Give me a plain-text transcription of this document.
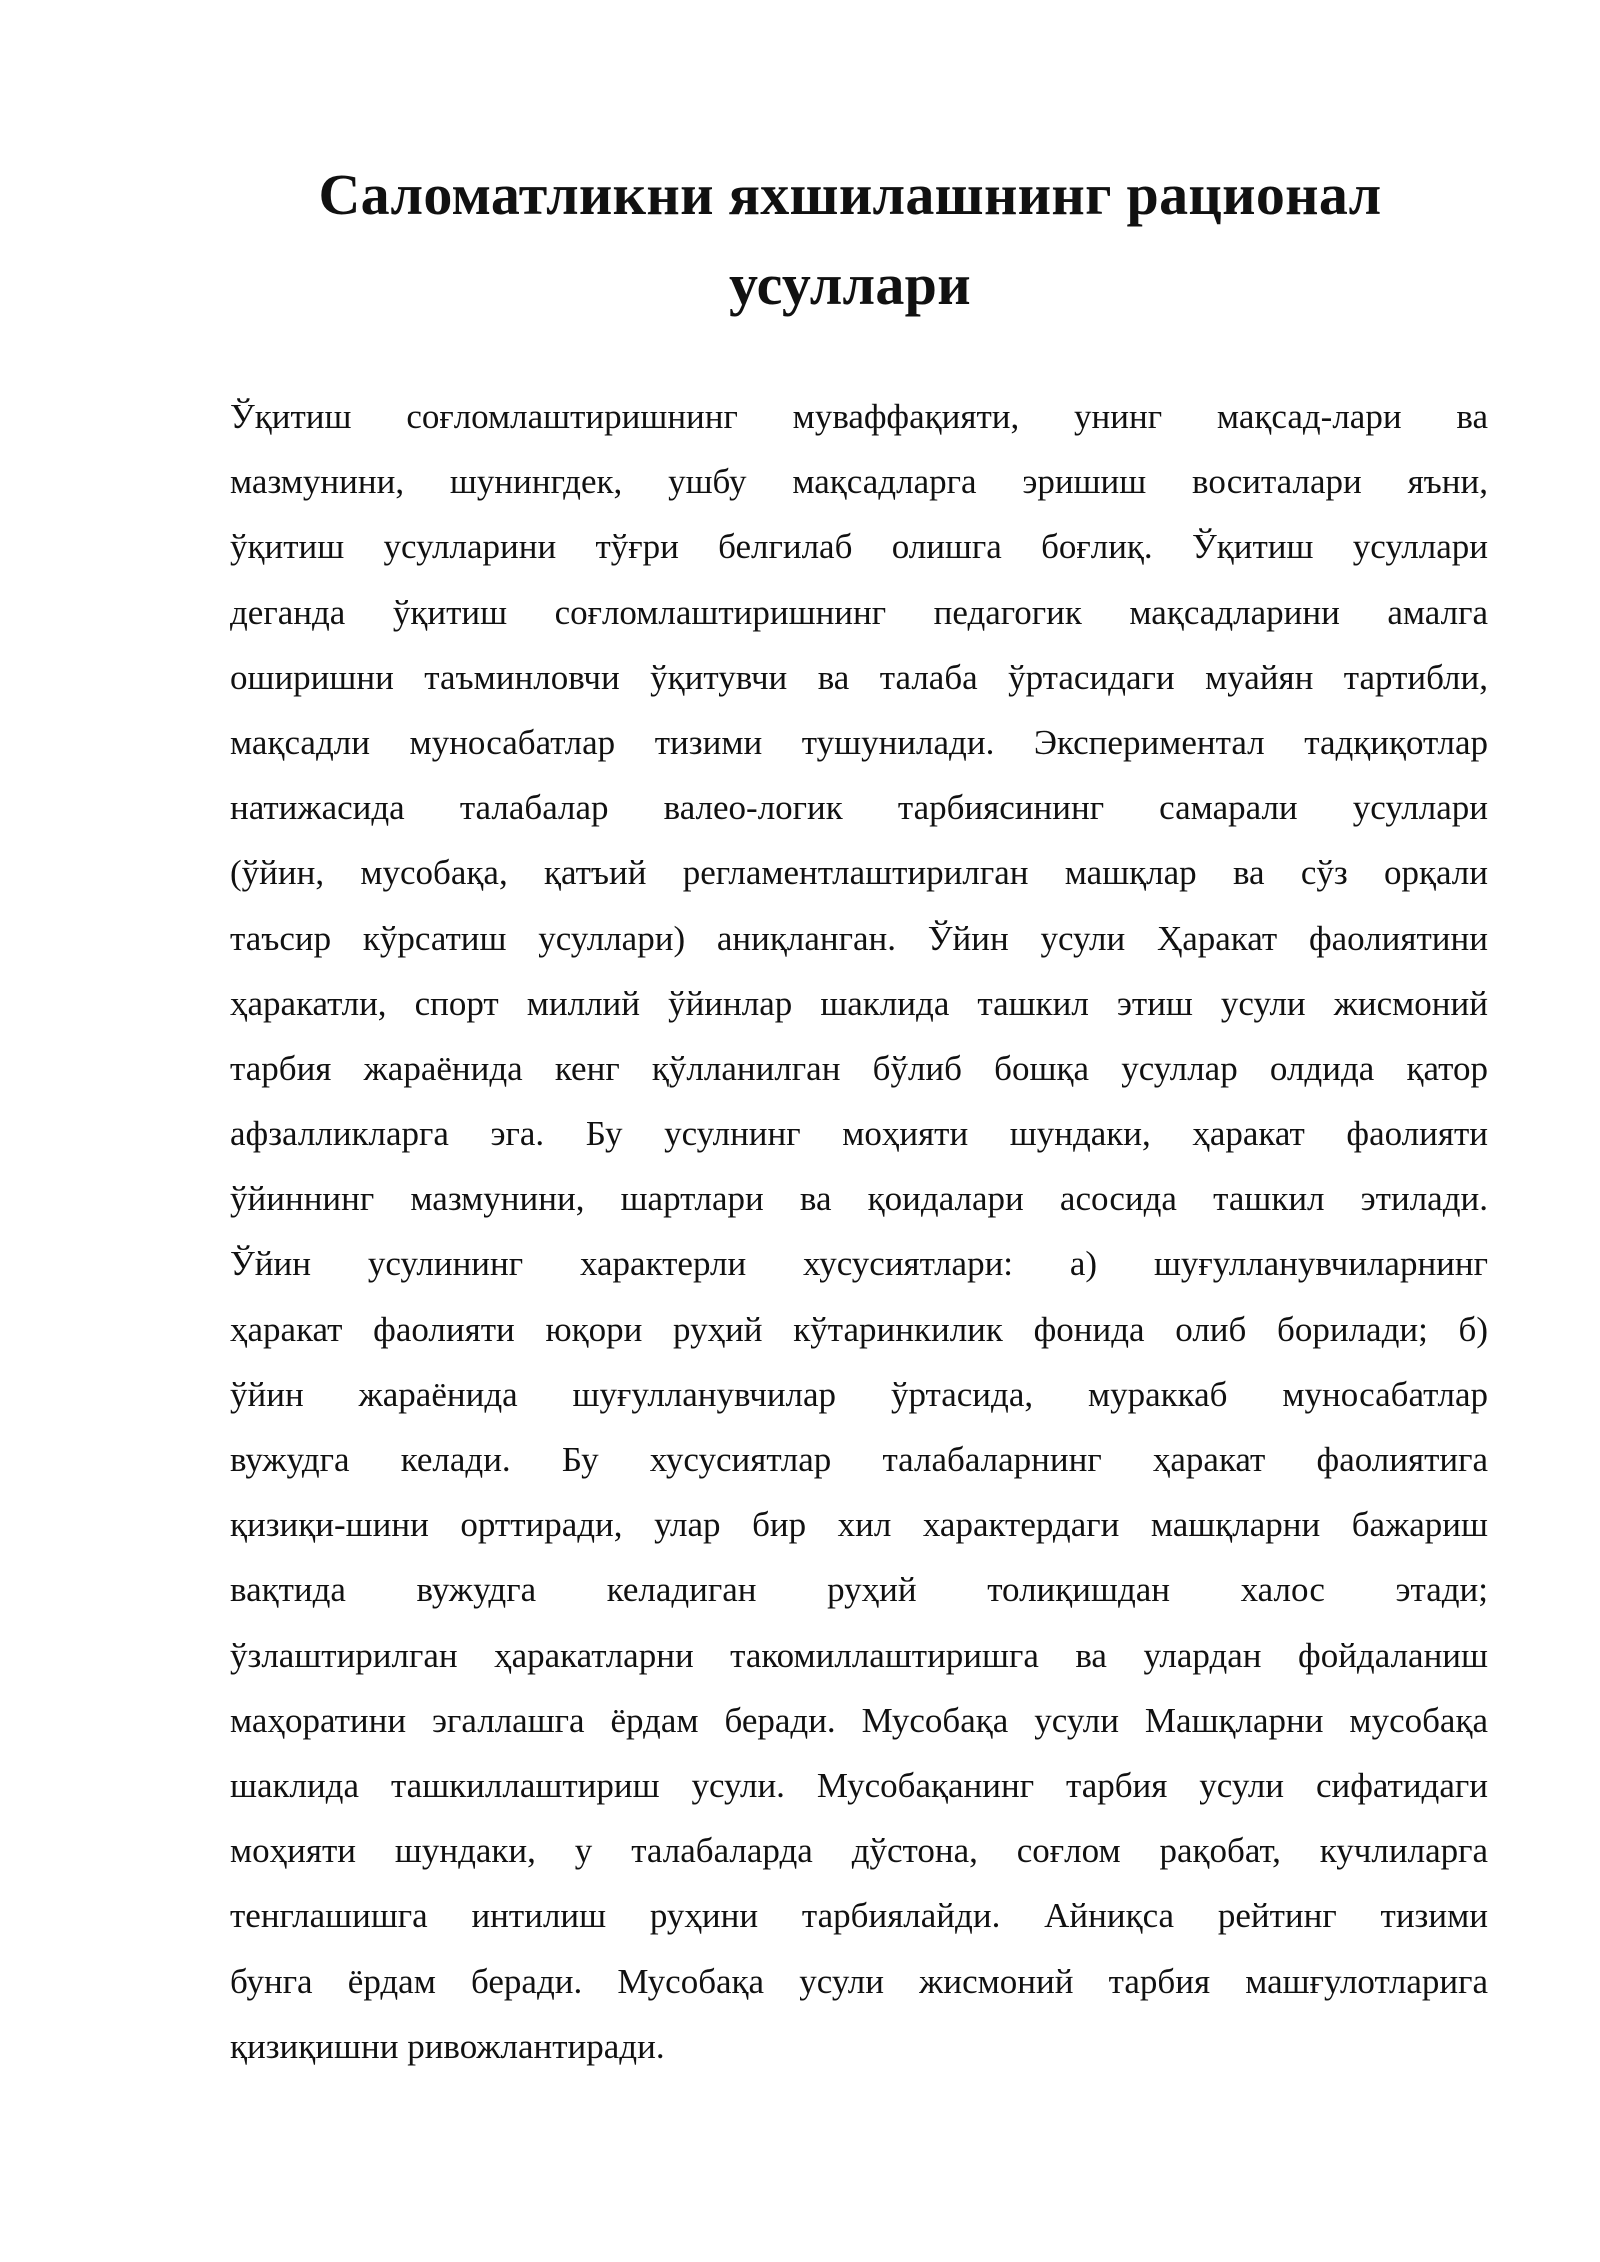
Саломатликни яхшилашнинг рационал
усуллари
Ўқитиш соғломлаштиришнинг муваффақияти, унинг мақсад-лари ва
мазмунини, шунингдек, ушбу мақсадларга эришиш воситалари яъни,
ўқитиш усулларини тўғри белгилаб олишга боғлиқ. Ўқитиш усуллари
деганда ўқитиш соғломлаштиришнинг педагогик мақсадларини амалга
оширишни таъминловчи ўқитувчи ва талаба ўртасидаги муайян тартибли,
мақсадли муносабатлар тизими тушунилади. Экспериментал тадқиқотлар
натижасида талабалар валео-логик тарбиясининг самарали усуллари
(ўйин, мусобақа, қатъий регламентлаштирилган машқлар ва сўз орқали
таъсир кўрсатиш усуллари) аниқланган. Ўйин усули Ҳаракат фаолиятини
ҳаракатли, спорт миллий ўйинлар шаклида ташкил этиш усули жисмоний
тарбия жараёнида кенг қўлланилган бўлиб бошқа усуллар олдида қатор
афзалликларга эга. Бу усулнинг моҳияти шундаки, ҳаракат фаолияти
ўйиннинг мазмунини, шартлари ва қоидалари асосида ташкил этилади.
Ўйин усулининг характерли хусусиятлари: а) шуғулланувчиларнинг
ҳаракат фаолияти юқори руҳий кўтаринкилик фонида олиб борилади; б)
ўйин жараёнида шуғулланувчилар ўртасида, мураккаб муносабатлар
вужудга келади. Бу хусусиятлар талабаларнинг ҳаракат фаолиятига
қизиқи-шини орттиради, улар бир хил характердаги машқларни бажариш
вақтида вужудга келадиган руҳий толиқишдан халос этади;
ўзлаштирилган ҳаракатларни такомиллаштиришга ва улардан фойдаланиш
маҳоратини эгаллашга ёрдам беради. Мусобақа усули Машқларни мусобақа
шаклида ташкиллаштириш усули. Мусобақанинг тарбия усули сифатидаги
моҳияти шундаки, у талабаларда дўстона, соғлом рақобат, кучлиларга
тенглашишга интилиш руҳини тарбиялайди. Айниқса рейтинг тизими
бунга ёрдам беради. Мусобақа усули жисмоний тарбия машғулотларига
қизиқишни ривожлантиради.
